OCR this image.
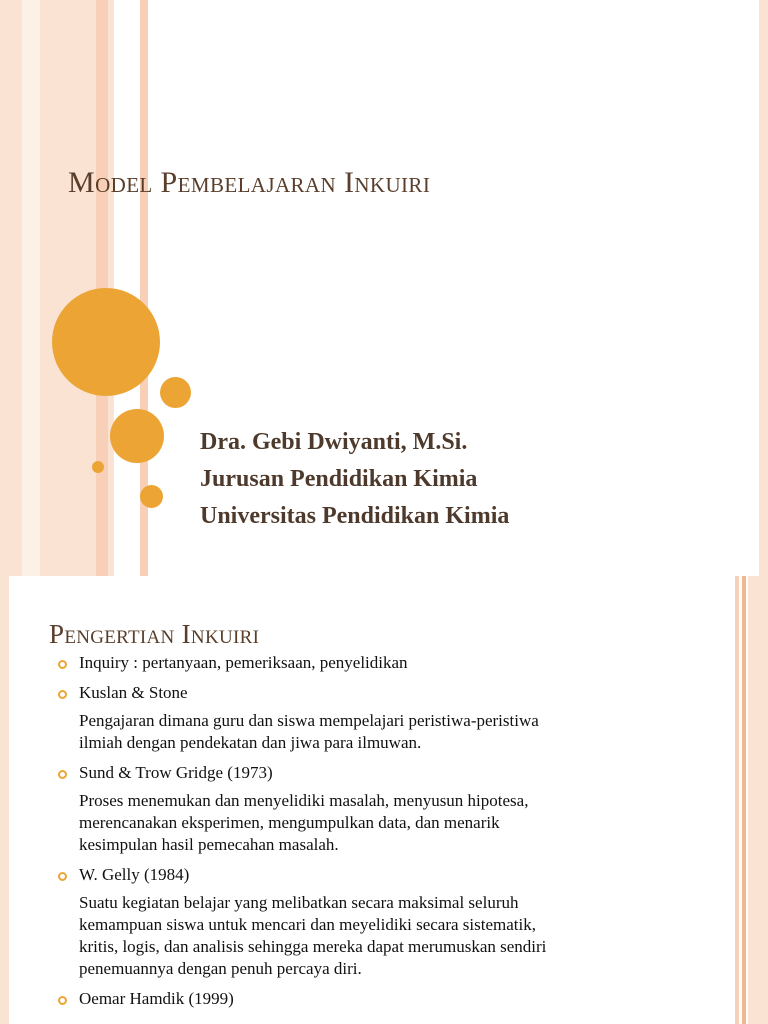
Model Pembelajaran Inkuiri
Dra. Gebi Dwiyanti, M.Si.
Jurusan Pendidikan Kimia
Universitas Pendidikan Kimia
Pengertian Inkuiri
Inquiry : pertanyaan, pemeriksaan, penyelidikan
Kuslan & Stone
Pengajaran dimana guru dan siswa mempelajari peristiwa-peristiwa
ilmiah dengan pendekatan dan jiwa para ilmuwan.
Sund & Trow Gridge (1973)
Proses menemukan dan menyelidiki masalah, menyusun hipotesa,
merencanakan eksperimen, mengumpulkan data, dan menarik
kesimpulan hasil pemecahan masalah.
W. Gelly (1984)
Suatu kegiatan belajar yang melibatkan secara maksimal seluruh
kemampuan siswa untuk mencari dan meyelidiki secara sistematik,
kritis, logis, dan analisis sehingga mereka dapat merumuskan sendiri
penemuannya dengan penuh percaya diri.
Oemar Hamdik (1999)
